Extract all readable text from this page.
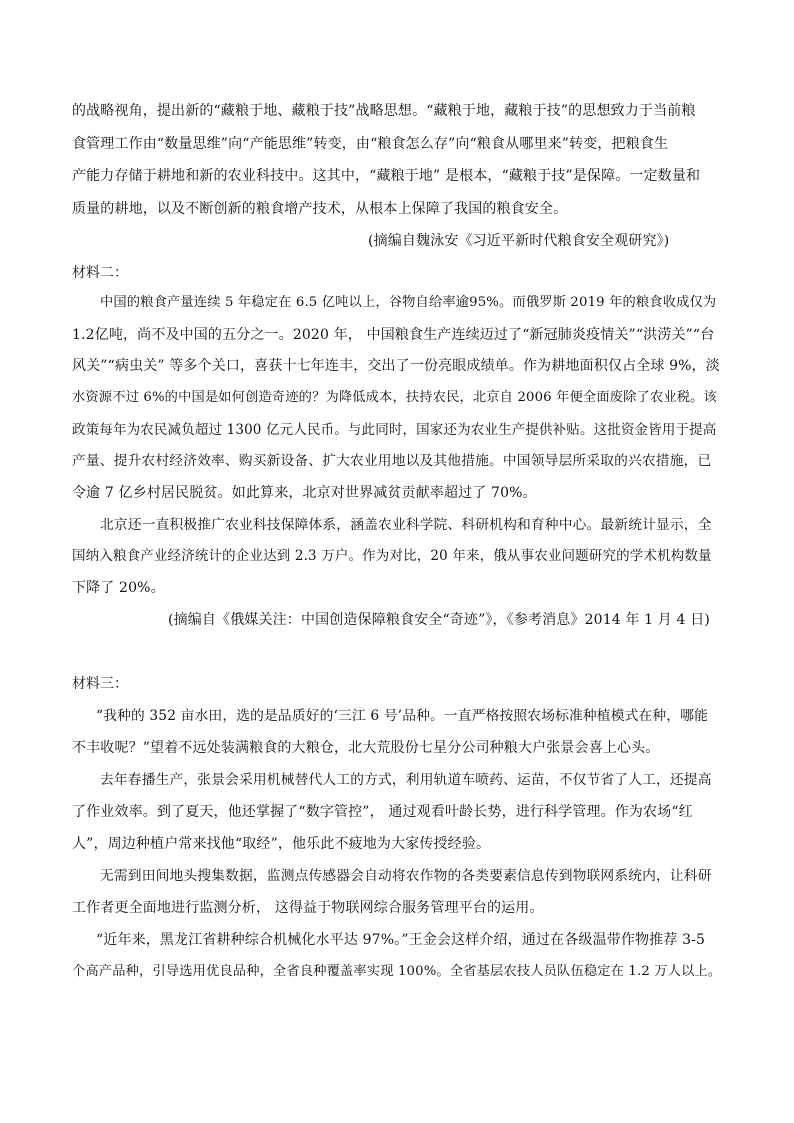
的战略视角，提出新的“藏粮于地、藏粮于技”战略思想。“藏粮于地，藏粮于技”的思想致力于当前粮
食管理工作由“数量思维”向“产能思维”转变，由“粮食怎么存”向“粮食从哪里来”转变，把粮食生
产能力存储于耕地和新的农业科技中。这其中，“藏粮于地” 是根本，“藏粮于技”是保障。一定数量和
质量的耕地，以及不断创新的粮食增产技术，从根本上保障了我国的粮食安全。
(摘编自魏泳安《习近平新时代粮食安全观研究》)
材料二：
中国的粮食产量连续 5 年稳定在 6.5 亿吨以上，谷物自给率逾95%。而俄罗斯 2019 年的粮食收成仅为
1.2亿吨，尚不及中国的五分之一。2020 年， 中国粮食生产连续迈过了“新冠肺炎疫情关”“洪涝关”“台
风关”“病虫关” 等多个关口，喜获十七年连丰，交出了一份亮眼成绩单。作为耕地面积仅占全球 9%，淡
水资源不过 6%的中国是如何创造奇迹的？为降低成本，扶持农民，北京自 2006 年便全面废除了农业税。该
政策每年为农民减负超过 1300 亿元人民币。与此同时，国家还为农业生产提供补贴。这批资金皆用于提高
产量、提升农村经济效率、购买新设备、扩大农业用地以及其他措施。中国领导层所采取的兴农措施，已
令逾 7 亿乡村居民脱贫。如此算来，北京对世界减贫贡献率超过了 70%。
北京还一直积极推广农业科技保障体系，涵盖农业科学院、科研机构和育种中心。最新统计显示，全
国纳入粮食产业经济统计的企业达到 2.3 万户。作为对比，20 年来，俄从事农业问题研究的学术机构数量
下降了 20%。
(摘编自《俄媒关注：中国创造保障粮食安全“奇迹”》，《参考消息》2014 年 1 月 4 日)
材料三：
“我种的 352 亩水田，选的是品质好的‘三江 6 号’品种。一直严格按照农场标准种植模式在种，哪能
不丰收呢？”望着不远处装满粮食的大粮仓，北大荒股份七星分公司种粮大户张景会喜上心头。
去年春播生产，张景会采用机械替代人工的方式，利用轨道车喷药、运苗，不仅节省了人工，还提高
了作业效率。到了夏天，他还掌握了“数字管控”， 通过观看叶龄长势，进行科学管理。作为农场“红
人”，周边种植户常来找他“取经”，他乐此不疲地为大家传授经验。
无需到田间地头搜集数据，监测点传感器会自动将农作物的各类要素信息传到物联网系统内，让科研
工作者更全面地进行监测分析， 这得益于物联网综合服务管理平台的运用。
“近年来，黑龙江省耕种综合机械化水平达 97%。”王金会这样介绍，通过在各级温带作物推荐 3-5
个高产品种，引导选用优良品种，全省良种覆盖率实现 100%。全省基层农技人员队伍稳定在 1.2 万人以上。
